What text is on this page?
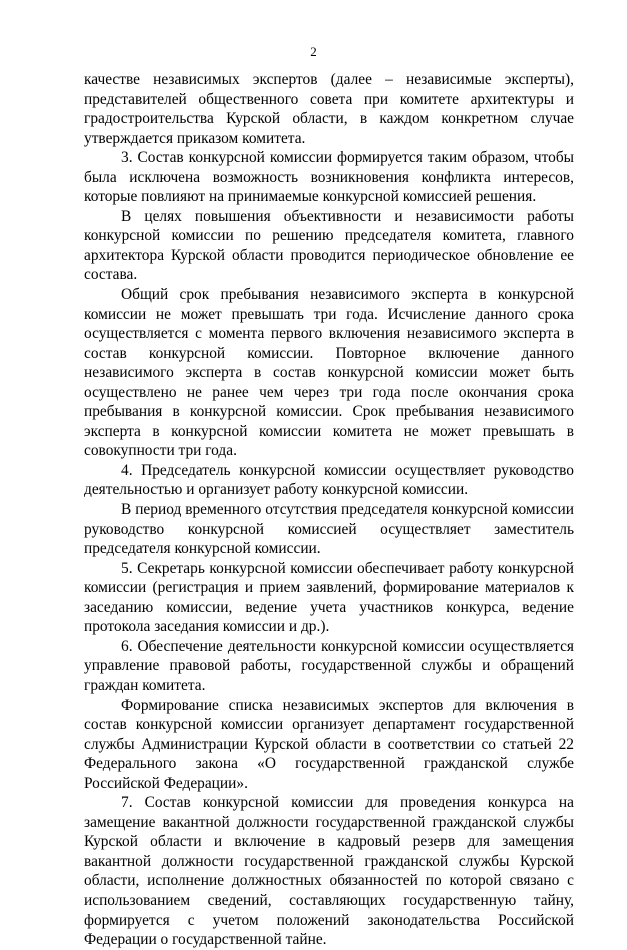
2

качестве независимых экспертов (далее – независимые эксперты), представителей общественного совета при комитете архитектуры и градостроительства Курской области, в каждом конкретном случае утверждается приказом комитета.

3. Состав конкурсной комиссии формируется таким образом, чтобы была исключена возможность возникновения конфликта интересов, которые повлияют на принимаемые конкурсной комиссией решения.

В целях повышения объективности и независимости работы конкурсной комиссии по решению председателя комитета, главного архитектора Курской области проводится периодическое обновление ее состава.

Общий срок пребывания независимого эксперта в конкурсной комиссии не может превышать три года. Исчисление данного срока осуществляется с момента первого включения независимого эксперта в состав конкурсной комиссии. Повторное включение данного независимого эксперта в состав конкурсной комиссии может быть осуществлено не ранее чем через три года после окончания срока пребывания в конкурсной комиссии. Срок пребывания независимого эксперта в конкурсной комиссии комитета не может превышать в совокупности три года.

4. Председатель конкурсной комиссии осуществляет руководство деятельностью и организует работу конкурсной комиссии.

В период временного отсутствия председателя конкурсной комиссии руководство конкурсной комиссией осуществляет заместитель председателя конкурсной комиссии.

5. Секретарь конкурсной комиссии обеспечивает работу конкурсной комиссии (регистрация и прием заявлений, формирование материалов к заседанию комиссии, ведение учета участников конкурса, ведение протокола заседания комиссии и др.).

6. Обеспечение деятельности конкурсной комиссии осуществляется управление правовой работы, государственной службы и обращений граждан комитета.

Формирование списка независимых экспертов для включения в состав конкурсной комиссии организует департамент государственной службы Администрации Курской области в соответствии со статьей 22 Федерального закона «О государственной гражданской службе Российской Федерации».

7. Состав конкурсной комиссии для проведения конкурса на замещение вакантной должности государственной гражданской службы Курской области и включение в кадровый резерв для замещения вакантной должности государственной гражданской службы Курской области, исполнение должностных обязанностей по которой связано с использованием сведений, составляющих государственную тайну, формируется с учетом положений законодательства Российской Федерации о государственной тайне.
